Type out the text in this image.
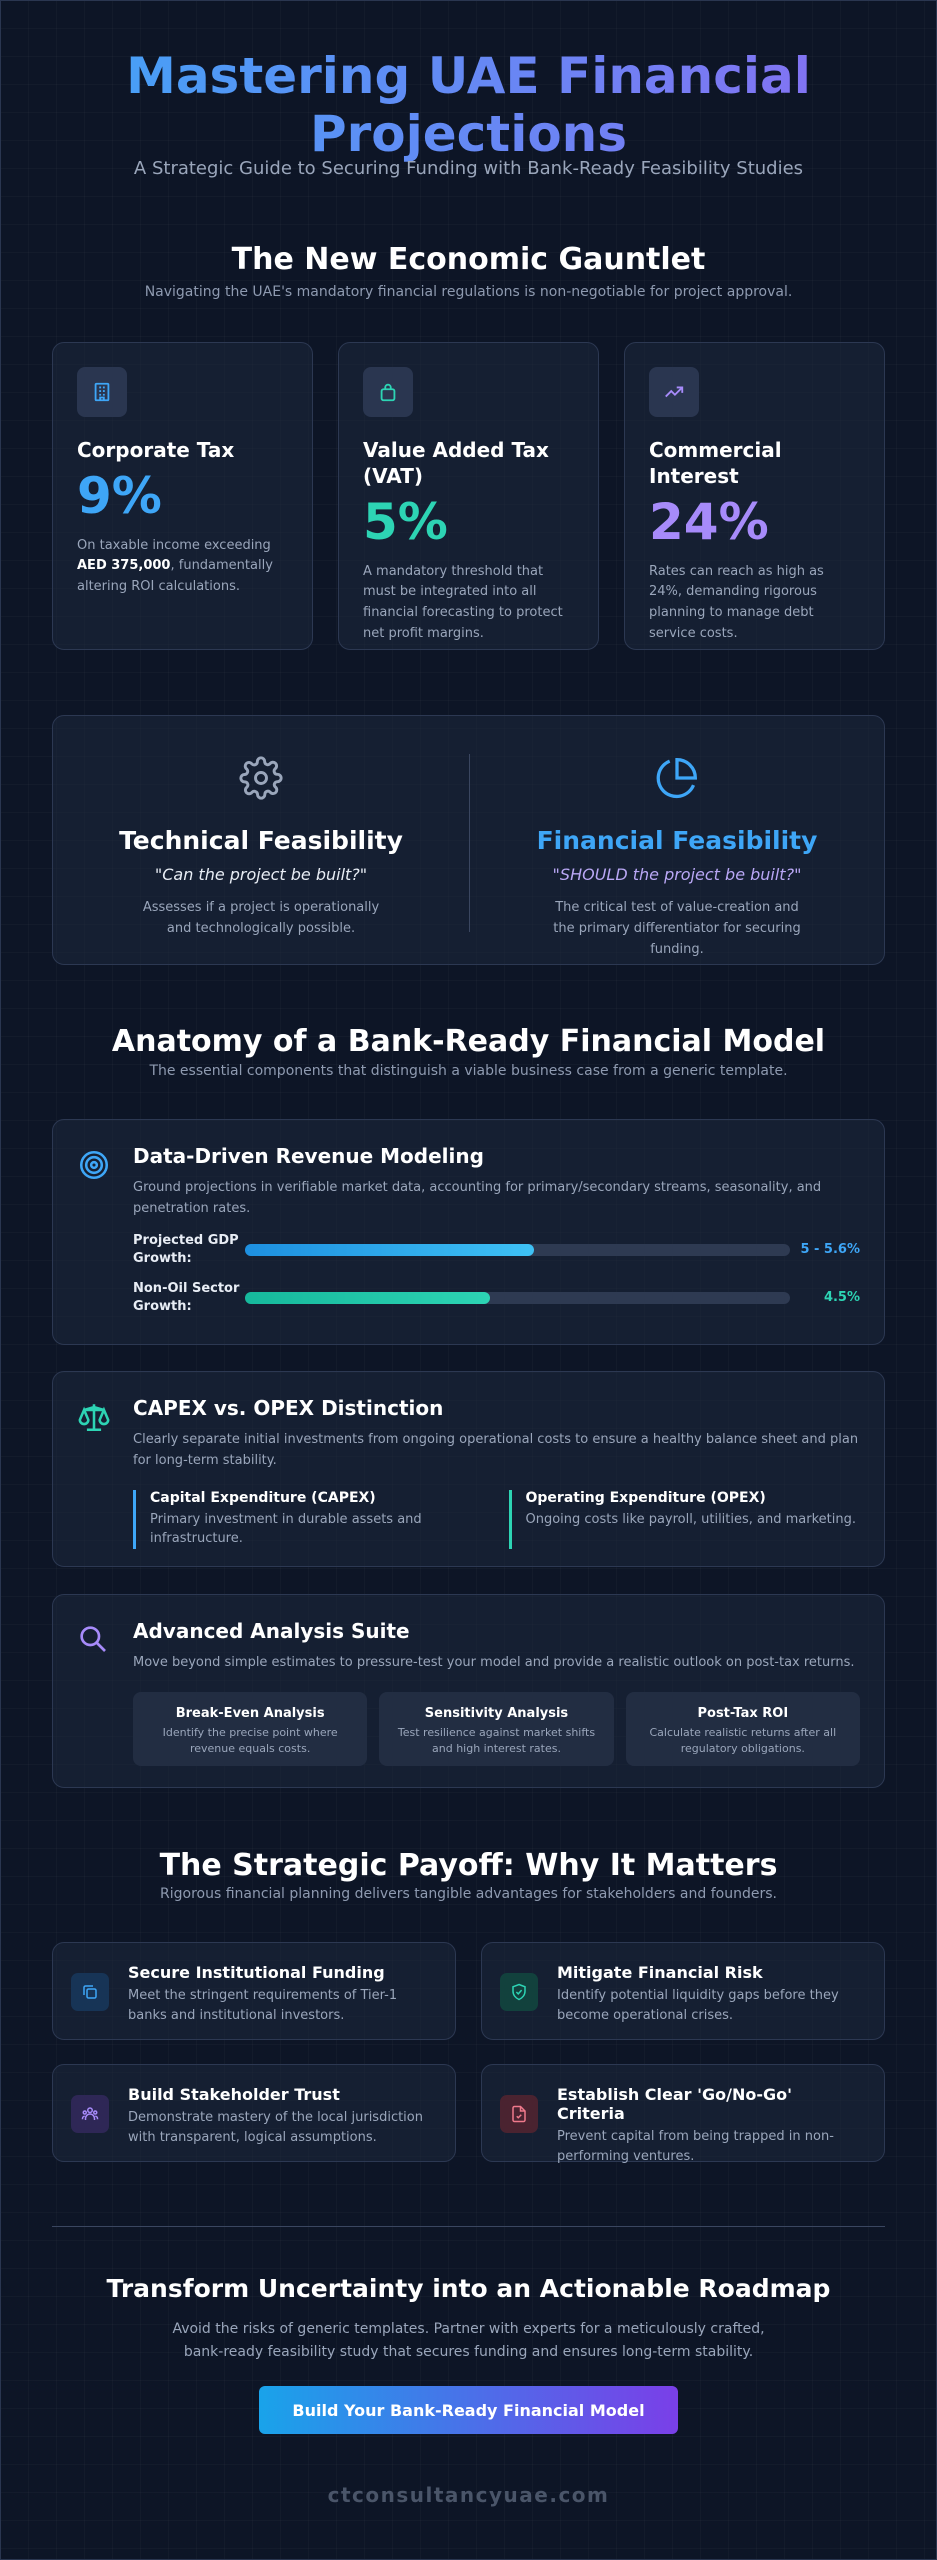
Mastering UAE Financial Projections

A Strategic Guide to Securing Funding with Bank-Ready Feasibility Studies

The New Economic Gauntlet

Navigating the UAE's mandatory financial regulations is non-negotiable for project approval.

Corporate Tax
9%

On taxable income exceeding AED 375,000, fundamentally altering ROI calculations.

Value Added Tax (VAT)
5%

A mandatory threshold that must be integrated into all financial forecasting to protect net profit margins.

Commercial Interest
24%

Rates can reach as high as 24%, demanding rigorous planning to manage debt service costs.

Technical Feasibility
"Can the project be built?"

Assesses if a project is operationally and technologically possible.

Financial Feasibility
"SHOULD the project be built?"

The critical test of value-creation and the primary differentiator for securing funding.

Anatomy of a Bank-Ready Financial Model

The essential components that distinguish a viable business case from a generic template.

Data-Driven Revenue Modeling

Ground projections in verifiable market data, accounting for primary/secondary streams, seasonality, and penetration rates.

Projected GDP Growth:
5 - 5.6%
Non-Oil Sector Growth:
4.5%
CAPEX vs. OPEX Distinction

Clearly separate initial investments from ongoing operational costs to ensure a healthy balance sheet and plan for long-term stability.

Capital Expenditure (CAPEX)
Primary investment in durable assets and infrastructure.
Operating Expenditure (OPEX)
Ongoing costs like payroll, utilities, and marketing.
Advanced Analysis Suite

Move beyond simple estimates to pressure-test your model and provide a realistic outlook on post-tax returns.

Break-Even Analysis
Identify the precise point where revenue equals costs.
Sensitivity Analysis
Test resilience against market shifts and high interest rates.
Post-Tax ROI
Calculate realistic returns after all regulatory obligations.
The Strategic Payoff: Why It Matters

Rigorous financial planning delivers tangible advantages for stakeholders and founders.

Secure Institutional Funding
Meet the stringent requirements of Tier-1 banks and institutional investors.
Mitigate Financial Risk
Identify potential liquidity gaps before they become operational crises.
Build Stakeholder Trust
Demonstrate mastery of the local jurisdiction with transparent, logical assumptions.
Establish Clear 'Go/No-Go' Criteria
Prevent capital from being trapped in non-performing ventures.
Transform Uncertainty into an Actionable Roadmap

Avoid the risks of generic templates. Partner with experts for a meticulously crafted, bank-ready feasibility study that secures funding and ensures long-term stability.

Build Your Bank-Ready Financial Model
ctconsultancyuae.com
